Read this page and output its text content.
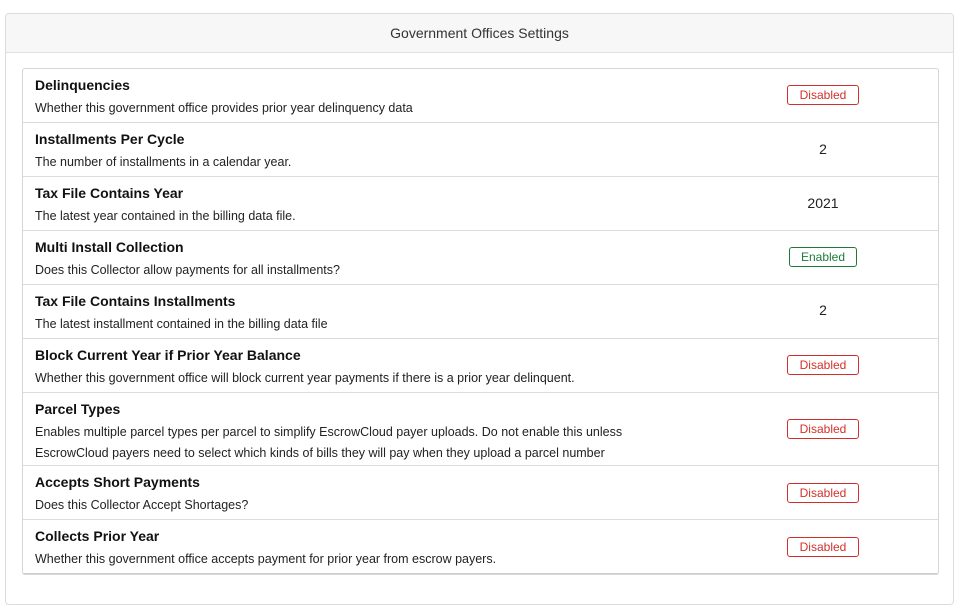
Government Offices Settings
Delinquencies
Whether this government office provides prior year delinquency data
Disabled
Installments Per Cycle
The number of installments in a calendar year.
2
Tax File Contains Year
The latest year contained in the billing data file.
2021
Multi Install Collection
Does this Collector allow payments for all installments?
Enabled
Tax File Contains Installments
The latest installment contained in the billing data file
2
Block Current Year if Prior Year Balance
Whether this government office will block current year payments if there is a prior year delinquent.
Disabled
Parcel Types
Enables multiple parcel types per parcel to simplify EscrowCloud payer uploads. Do not enable this unless EscrowCloud payers need to select which kinds of bills they will pay when they upload a parcel number
Disabled
Accepts Short Payments
Does this Collector Accept Shortages?
Disabled
Collects Prior Year
Whether this government office accepts payment for prior year from escrow payers.
Disabled
